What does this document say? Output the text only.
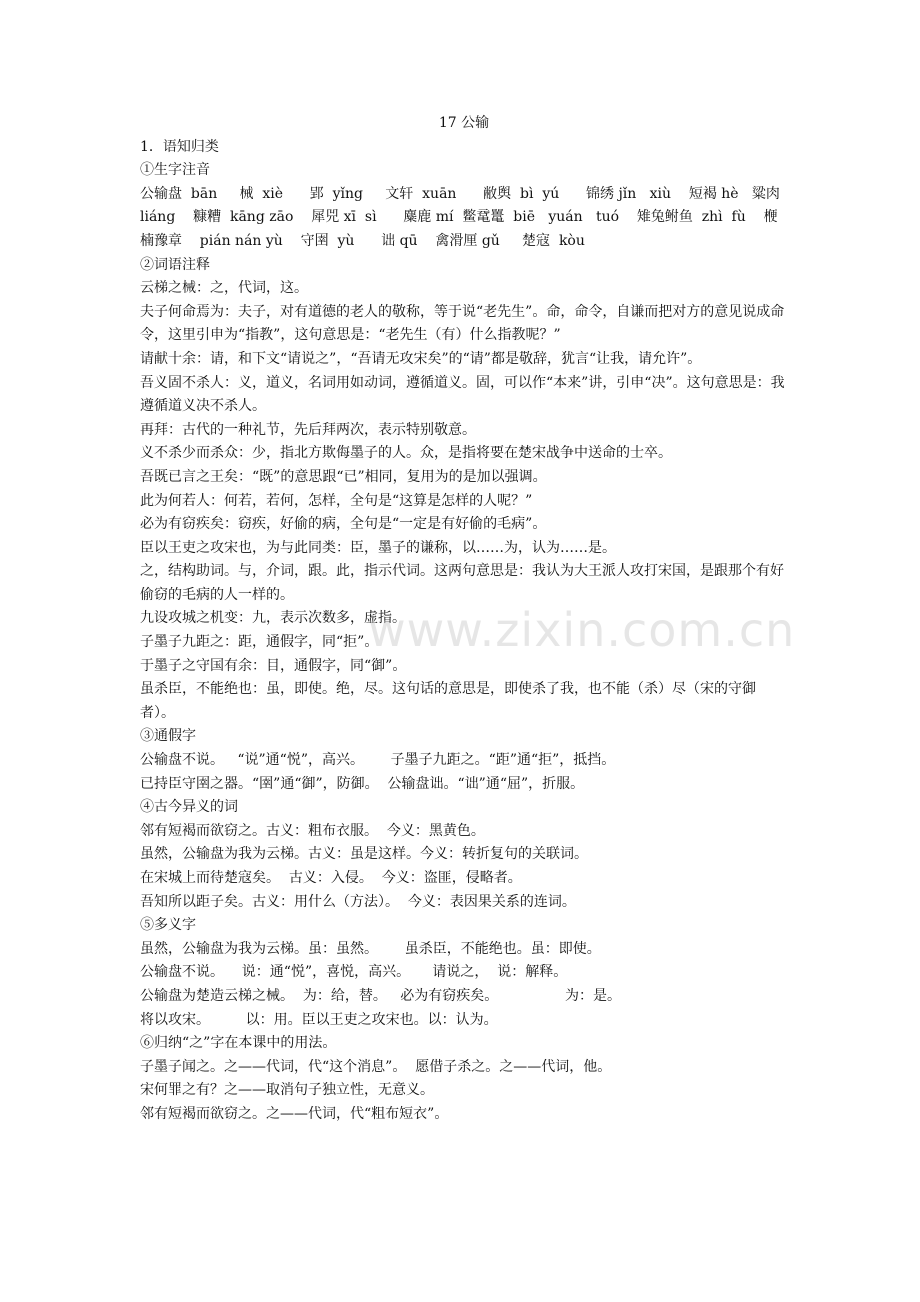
17 公输

1．语知归类

①生字注音

公输盘  bān     械  xiè      郢  yǐng     文轩  xuān      敝舆  bì  yú      锦绣 jǐn   xiù    短褐 hè   粱肉 liáng    糠糟  kāng zāo    犀兕 xī  sì      麋鹿 mí  鳖鼋鼍  biē   yuán   tuó    雉兔鲋鱼  zhì  fù    楩楠豫章    pián nán yù    守圉  yù      诎 qū    禽滑厘 gǔ     楚寇  kòu

②词语注释

云梯之械：之，代词，这。

夫子何命焉为：夫子，对有道德的老人的敬称，等于说“老先生”。命，命令，自谦而把对方的意见说成命令，这里引申为“指教”，这句意思是：“老先生（有）什么指教呢？”

请献十余：请，和下文“请说之”，“吾请无攻宋矣”的“请”都是敬辞，犹言“让我，请允许”。

吾义固不杀人：义，道义，名词用如动词，遵循道义。固，可以作“本来”讲，引申“决”。这句意思是：我遵循道义决不杀人。

再拜：古代的一种礼节，先后拜两次，表示特别敬意。

义不杀少而杀众：少，指北方欺侮墨子的人。众，是指将要在楚宋战争中送命的士卒。

吾既已言之王矣：“既”的意思跟“已”相同，复用为的是加以强调。

此为何若人：何若，若何，怎样，全句是“这算是怎样的人呢？”

必为有窃疾矣：窃疾，好偷的病，全句是“一定是有好偷的毛病”。

臣以王吏之攻宋也，为与此同类：臣，墨子的谦称，以……为，认为……是。

之，结构助词。与，介词，跟。此，指示代词。这两句意思是：我认为大王派人攻打宋国，是跟那个有好偷窃的毛病的人一样的。

九设攻城之机变：九，表示次数多，虚指。

子墨子九距之：距，通假字，同“拒”。

于墨子之守国有余：目，通假字，同“御”。

虽杀臣，不能绝也：虽，即使。绝，尽。这句话的意思是，即使杀了我，也不能（杀）尽（宋的守御者）。

③通假字

公输盘不说。   “说”通“悦”，高兴。      子墨子九距之。“距”通“拒”，抵挡。

已持臣守圉之器。“圉”通“御”，防御。  公输盘诎。“诎”通“屈”，折服。

④古今异义的词

邻有短褐而欲窃之。古义：粗布衣服。  今义：黑黄色。

虽然，公输盘为我为云梯。古义：虽是这样。今义：转折复句的关联词。

在宋城上而待楚寇矣。  古义：入侵。  今义：盗匪，侵略者。

吾知所以距子矣。古义：用什么（方法）。  今义：表因果关系的连词。

⑤多义字

虽然，公输盘为我为云梯。虽：虽然。      虽杀臣，不能绝也。虽：即使。

公输盘不说。    说：通“悦”，喜悦，高兴。     请说之，  说：解释。

公输盘为楚造云梯之械。  为：给，替。   必为有窃疾矣。               为：是。

将以攻宋。        以：用。臣以王吏之攻宋也。以：认为。

⑥归纳“之”字在本课中的用法。

子墨子闻之。之——代词，代“这个消息”。  愿借子杀之。之——代词，他。

宋何罪之有？之——取消句子独立性，无意义。

邻有短褐而欲窃之。之——代词，代“粗布短衣”。

www.zixin.com.cn
